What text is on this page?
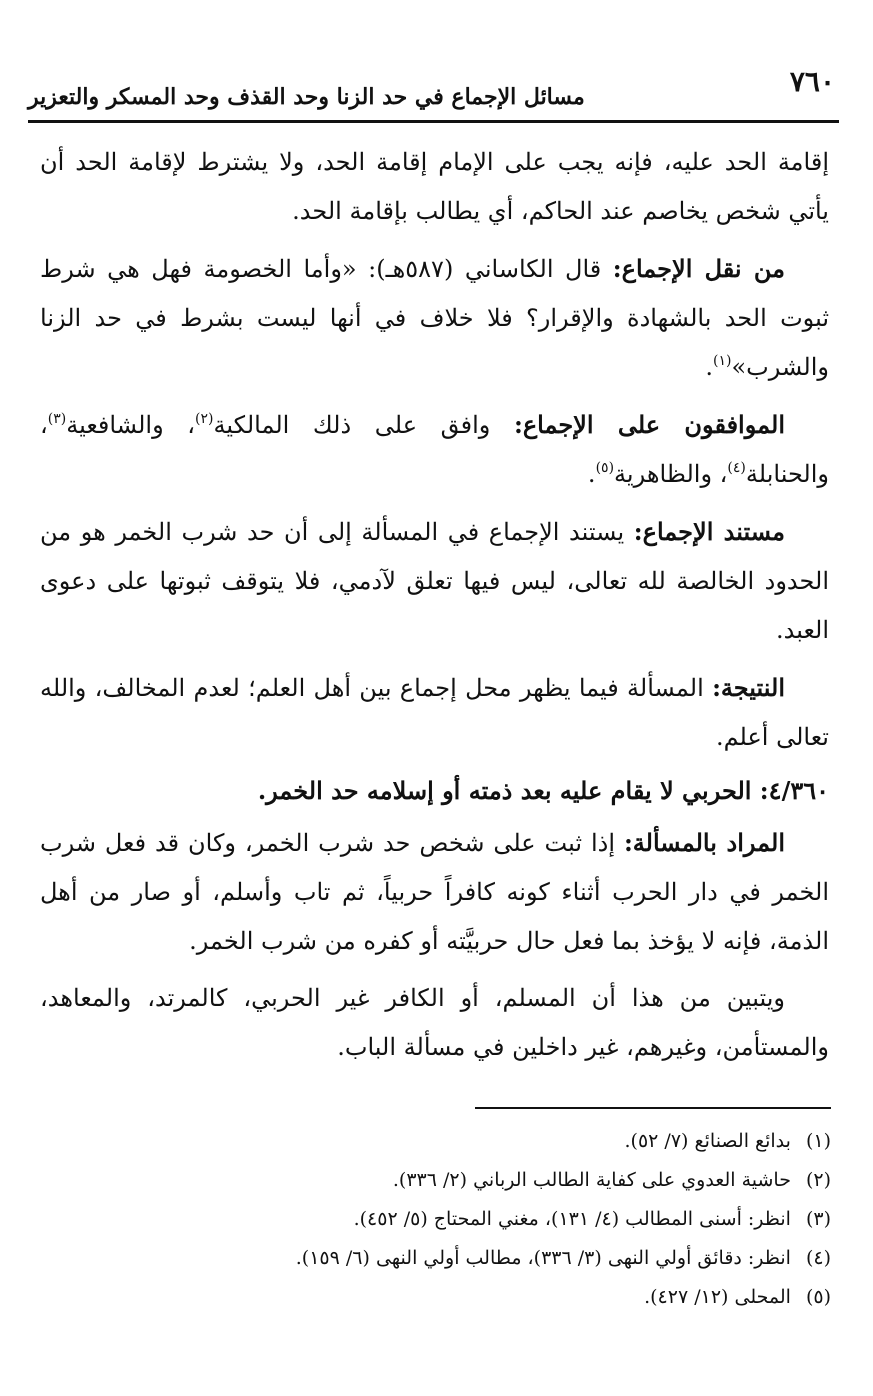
٧٦٠
مسائل الإجماع في حد الزنا وحد القذف وحد المسكر والتعزير

إقامة الحد عليه، فإنه يجب على الإمام إقامة الحد، ولا يشترط لإقامة الحد أن يأتي شخص يخاصم عند الحاكم، أي يطالب بإقامة الحد.

من نقل الإجماع: قال الكاساني (٥٨٧هـ): «وأما الخصومة فهل هي شرط ثبوت الحد بالشهادة والإقرار؟ فلا خلاف في أنها ليست بشرط في حد الزنا والشرب»$^{(١)}$.

الموافقون على الإجماع: وافق على ذلك المالكية$^{(٢)}$، والشافعية$^{(٣)}$، والحنابلة$^{(٤)}$، والظاهرية$^{(٥)}$.

مستند الإجماع: يستند الإجماع في المسألة إلى أن حد شرب الخمر هو من الحدود الخالصة لله تعالى، ليس فيها تعلق لآدمي، فلا يتوقف ثبوتها على دعوى العبد.

النتيجة: المسألة فيما يظهر محل إجماع بين أهل العلم؛ لعدم المخالف، والله تعالى أعلم.

٤/٣٦٠: الحربي لا يقام عليه بعد ذمته أو إسلامه حد الخمر.

المراد بالمسألة: إذا ثبت على شخص حد شرب الخمر، وكان قد فعل شرب الخمر في دار الحرب أثناء كونه كافراً حربياً، ثم تاب وأسلم، أو صار من أهل الذمة، فإنه لا يؤخذ بما فعل حال حربيَّته أو كفره من شرب الخمر.

ويتبين من هذا أن المسلم، أو الكافر غير الحربي، كالمرتد، والمعاهد، والمستأمن، وغيرهم، غير داخلين في مسألة الباب.

(١) بدائع الصنائع (٧/ ٥٢).

(٢) حاشية العدوي على كفاية الطالب الرباني (٢/ ٣٣٦).

(٣) انظر: أسنى المطالب (٤/ ١٣١)، مغني المحتاج (٥/ ٤٥٢).

(٤) انظر: دقائق أولي النهى (٣/ ٣٣٦)، مطالب أولي النهى (٦/ ١٥٩).

(٥) المحلى (١٢/ ٤٢٧).
